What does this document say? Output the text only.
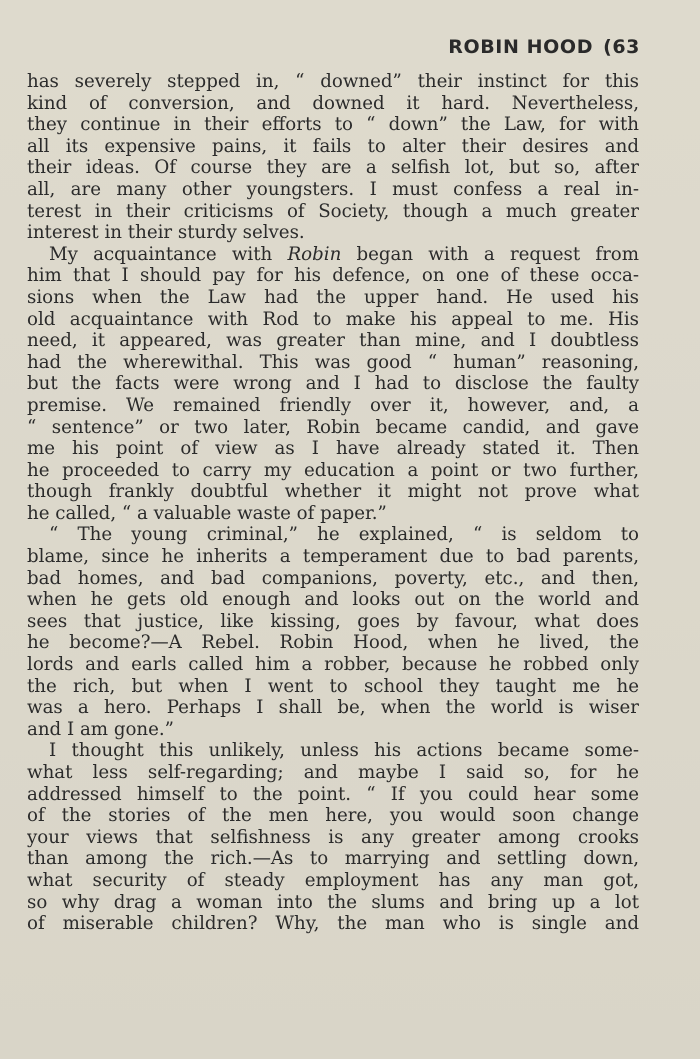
ROBIN HOOD (63
has severely stepped in, “ downed” their instinct for this
kind of conversion, and downed it hard. Nevertheless,
they continue in their efforts to “ down” the Law, for with
all its expensive pains, it fails to alter their desires and
their ideas. Of course they are a selfish lot, but so, after
all, are many other youngsters. I must confess a real in-
terest in their criticisms of Society, though a much greater
interest in their sturdy selves.
My acquaintance with Robin began with a request from
him that I should pay for his defence, on one of these occa-
sions when the Law had the upper hand. He used his
old acquaintance with Rod to make his appeal to me. His
need, it appeared, was greater than mine, and I doubtless
had the wherewithal. This was good “ human” reasoning,
but the facts were wrong and I had to disclose the faulty
premise. We remained friendly over it, however, and, a
“ sentence” or two later, Robin became candid, and gave
me his point of view as I have already stated it. Then
he proceeded to carry my education a point or two further,
though frankly doubtful whether it might not prove what
he called, “ a valuable waste of paper.”
“ The young criminal,” he explained, “ is seldom to
blame, since he inherits a temperament due to bad parents,
bad homes, and bad companions, poverty, etc., and then,
when he gets old enough and looks out on the world and
sees that justice, like kissing, goes by favour, what does
he become?—A Rebel. Robin Hood, when he lived, the
lords and earls called him a robber, because he robbed only
the rich, but when I went to school they taught me he
was a hero. Perhaps I shall be, when the world is wiser
and I am gone.”
I thought this unlikely, unless his actions became some-
what less self-regarding; and maybe I said so, for he
addressed himself to the point. “ If you could hear some
of the stories of the men here, you would soon change
your views that selfishness is any greater among crooks
than among the rich.—As to marrying and settling down,
what security of steady employment has any man got,
so why drag a woman into the slums and bring up a lot
of miserable children? Why, the man who is single and
